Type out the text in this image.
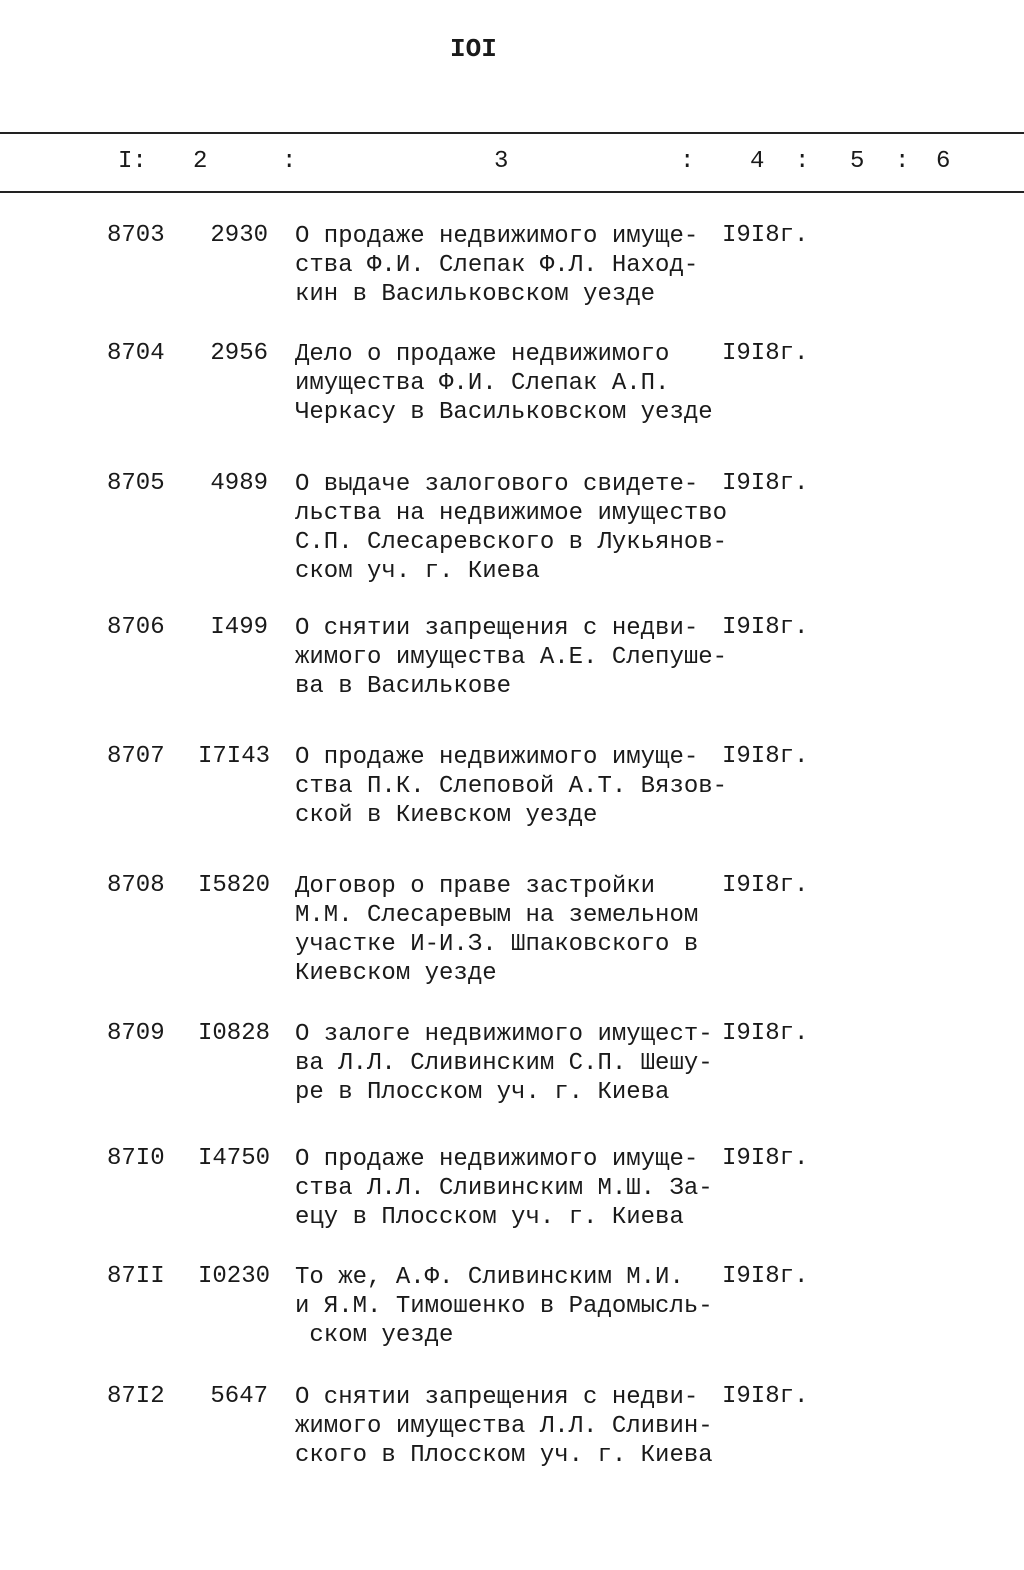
IOI
I: 2	:	3	: 4 : 5 : 6
8703	2930 О продаже недвижимого имуще-
ства Ф.И. Слепак Ф.Л. Наход-
кин в Васильковском уезде
I9I8г.
8704	2956 Дело о продаже недвижимого
имущества Ф.И. Слепак А.П.
Черкасу в Васильковском уезде
I9I8г.
8705	4989 О выдаче залогового свидете-
льства на недвижимое имущество
С.П. Слесаревского в Лукьянов-
ском уч. г. Киева
I9I8г.
8706	I499 О снятии запрещения с недви-
жимого имущества А.Е. Слепуше-
ва в Василькове
I9I8г.
8707 I7I43 О продаже недвижимого имуще-
ства П.К. Слеповой А.Т. Вязов-
ской в Киевском уезде
I9I8г.
8708 I5820 Договор о праве застройки
М.М. Слесаревым на земельном
участке И-И.З. Шпаковского в
Киевском уезде
I9I8г.
8709 I0828 О залоге недвижимого имущест-
ва Л.Л. Сливинским С.П. Шешу-
ре в Плосском уч. г. Киева
I9I8г.
87I0 I4750 О продаже недвижимого имуще-
ства Л.Л. Сливинским М.Ш. За-
ецу в Плосском уч. г. Киева
I9I8г.
87II I0230 То же, А.Ф. Сливинским М.И.
и Я.М. Тимошенко в Радомысль-
ском уезде
I9I8г.
87I2	5647 О снятии запрещения с недви-
жимого имущества Л.Л. Сливин-
ского в Плосском уч. г. Киева
I9I8г.
